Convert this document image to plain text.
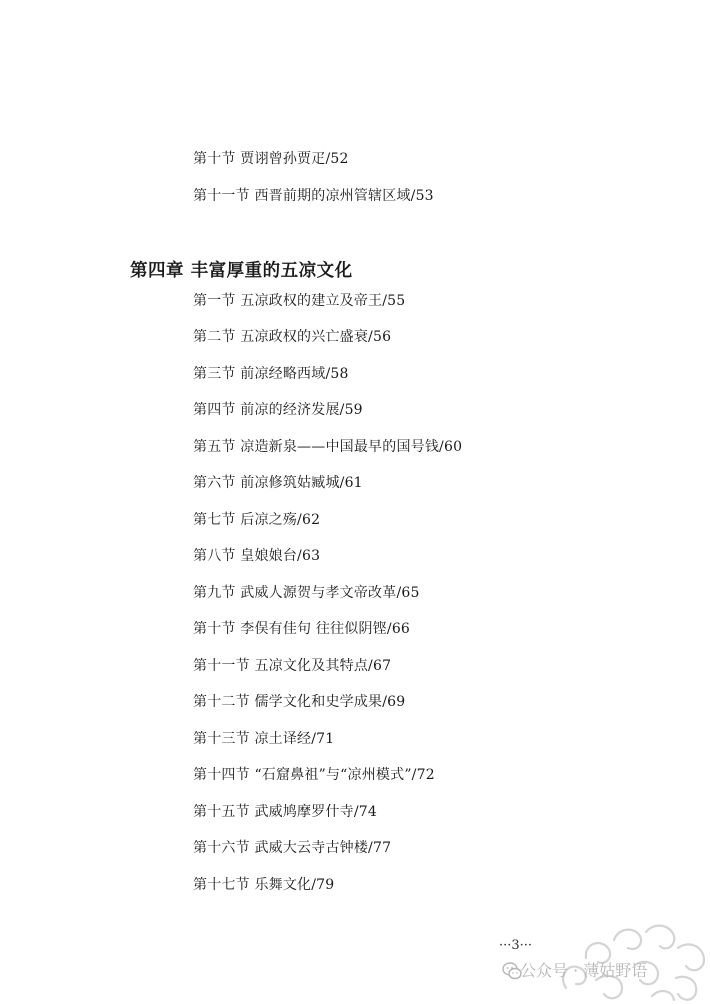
第十节 贾诩曾孙贾疋/52
第十一节 西晋前期的凉州管辖区域/53
第四章 丰富厚重的五凉文化
第一节 五凉政权的建立及帝王/55
第二节 五凉政权的兴亡盛衰/56
第三节 前凉经略西域/58
第四节 前凉的经济发展/59
第五节 凉造新泉——中国最早的国号钱/60
第六节 前凉修筑姑臧城/61
第七节 后凉之殇/62
第八节 皇娘娘台/63
第九节 武威人源贺与孝文帝改革/65
第十节 李俣有佳句 往往似阴铿/66
第十一节 五凉文化及其特点/67
第十二节 儒学文化和史学成果/69
第十三节 凉土译经/71
第十四节 “石窟鼻祖”与“凉州模式”/72
第十五节 武威鸠摩罗什寺/74
第十六节 武威大云寺古钟楼/77
第十七节 乐舞文化/79
···3···
公众号 · 薄姑野语
